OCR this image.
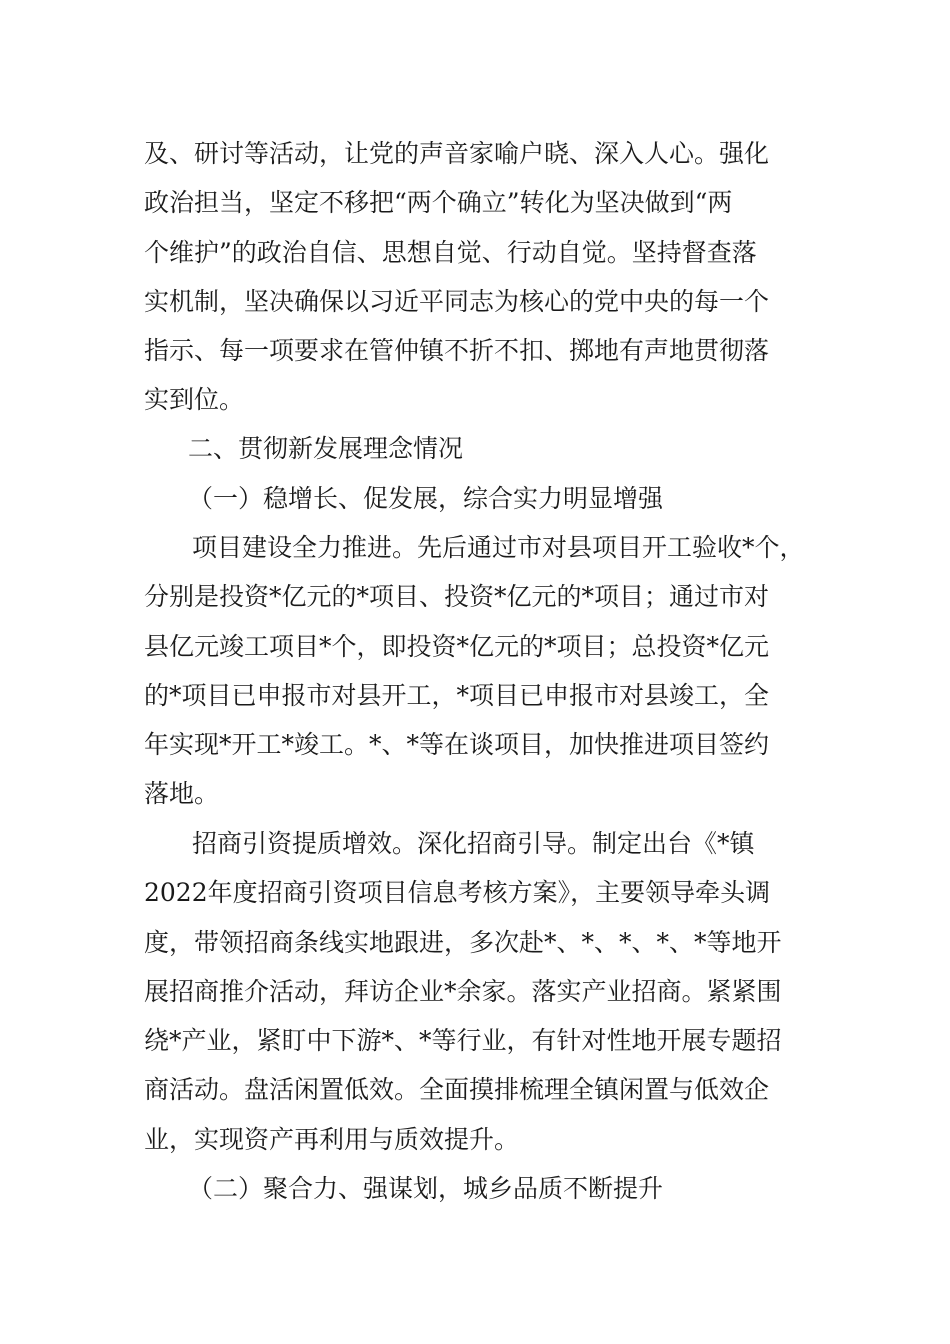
及、研讨等活动，让党的声音家喻户晓、深入人心。强化
政治担当，坚定不移把“两个确立”转化为坚决做到“两
个维护”的政治自信、思想自觉、行动自觉。坚持督查落
实机制，坚决确保以习近平同志为核心的党中央的每一个
指示、每一项要求在管仲镇不折不扣、掷地有声地贯彻落
实到位。
二、贯彻新发展理念情况
（一）稳增长、促发展，综合实力明显增强
项目建设全力推进。先后通过市对县项目开工验收*个，
分别是投资*亿元的*项目、投资*亿元的*项目；通过市对
县亿元竣工项目*个，即投资*亿元的*项目；总投资*亿元
的*项目已申报市对县开工，*项目已申报市对县竣工，全
年实现*开工*竣工。*、*等在谈项目，加快推进项目签约
落地。
招商引资提质增效。深化招商引导。制定出台《*镇
2022年度招商引资项目信息考核方案》，主要领导牵头调
度，带领招商条线实地跟进，多次赴*、*、*、*、*等地开
展招商推介活动，拜访企业*余家。落实产业招商。紧紧围
绕*产业，紧盯中下游*、*等行业，有针对性地开展专题招
商活动。盘活闲置低效。全面摸排梳理全镇闲置与低效企
业，实现资产再利用与质效提升。
（二）聚合力、强谋划，城乡品质不断提升
